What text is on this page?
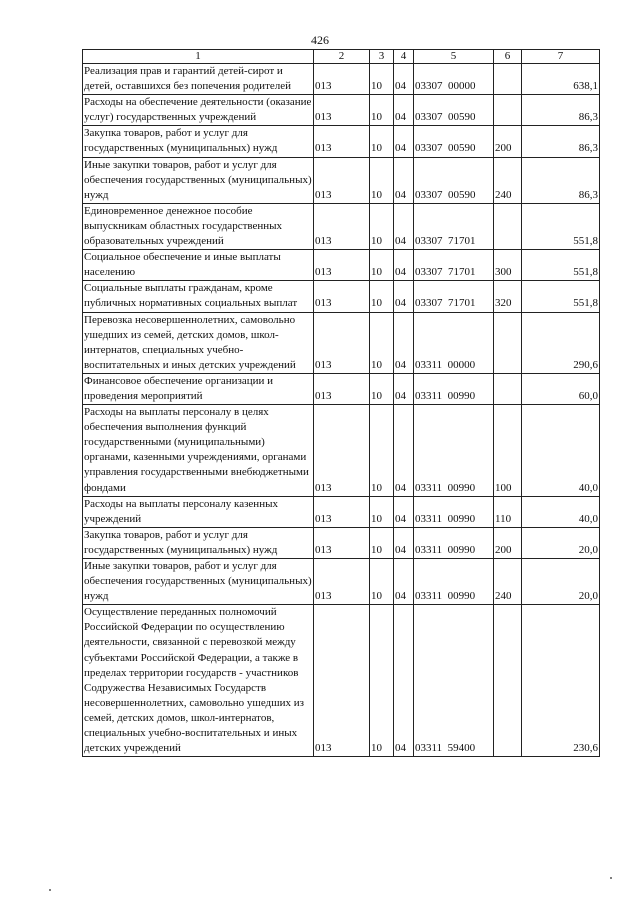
426
1	2	3	4	5	6	7
Реализация прав и гарантий детей-сирот и детей, оставшихся без попечения родителей	013	10	04	03307  00000		638,1
Расходы на обеспечение деятельности (оказание услуг) государственных учреждений	013	10	04	03307  00590		86,3
Закупка товаров, работ и услуг для государственных (муниципальных) нужд	013	10	04	03307  00590	200	86,3
Иные закупки товаров, работ и услуг для обеспечения государственных (муниципальных) нужд	013	10	04	03307  00590	240	86,3
Единовременное денежное пособие выпускникам областных государственных образовательных учреждений	013	10	04	03307  71701		551,8
Социальное обеспечение и иные выплаты населению	013	10	04	03307  71701	300	551,8
Социальные выплаты гражданам, кроме публичных нормативных социальных выплат	013	10	04	03307  71701	320	551,8
Перевозка несовершеннолетних, самовольно ушедших из семей, детских домов, школ-интернатов, специальных учебно-воспитательных и иных детских учреждений	013	10	04	03311  00000		290,6
Финансовое обеспечение организации и проведения мероприятий	013	10	04	03311  00990		60,0
Расходы на выплаты персоналу в целях обеспечения выполнения функций государственными (муниципальными) органами, казенными учреждениями, органами управления государственными внебюджетными фондами	013	10	04	03311  00990	100	40,0
Расходы на выплаты персоналу казенных учреждений	013	10	04	03311  00990	110	40,0
Закупка товаров, работ и услуг для государственных (муниципальных) нужд	013	10	04	03311  00990	200	20,0
Иные закупки товаров, работ и услуг для обеспечения государственных (муниципальных) нужд	013	10	04	03311  00990	240	20,0
Осуществление переданных полномочий Российской Федерации по осуществлению деятельности, связанной с перевозкой между субъектами Российской Федерации, а также в пределах территории государств - участников Содружества Независимых Государств несовершеннолетних, самовольно ушедших из семей, детских домов, школ-интернатов, специальных учебно-воспитательных и иных детских учреждений	013	10	04	03311  59400		230,6
